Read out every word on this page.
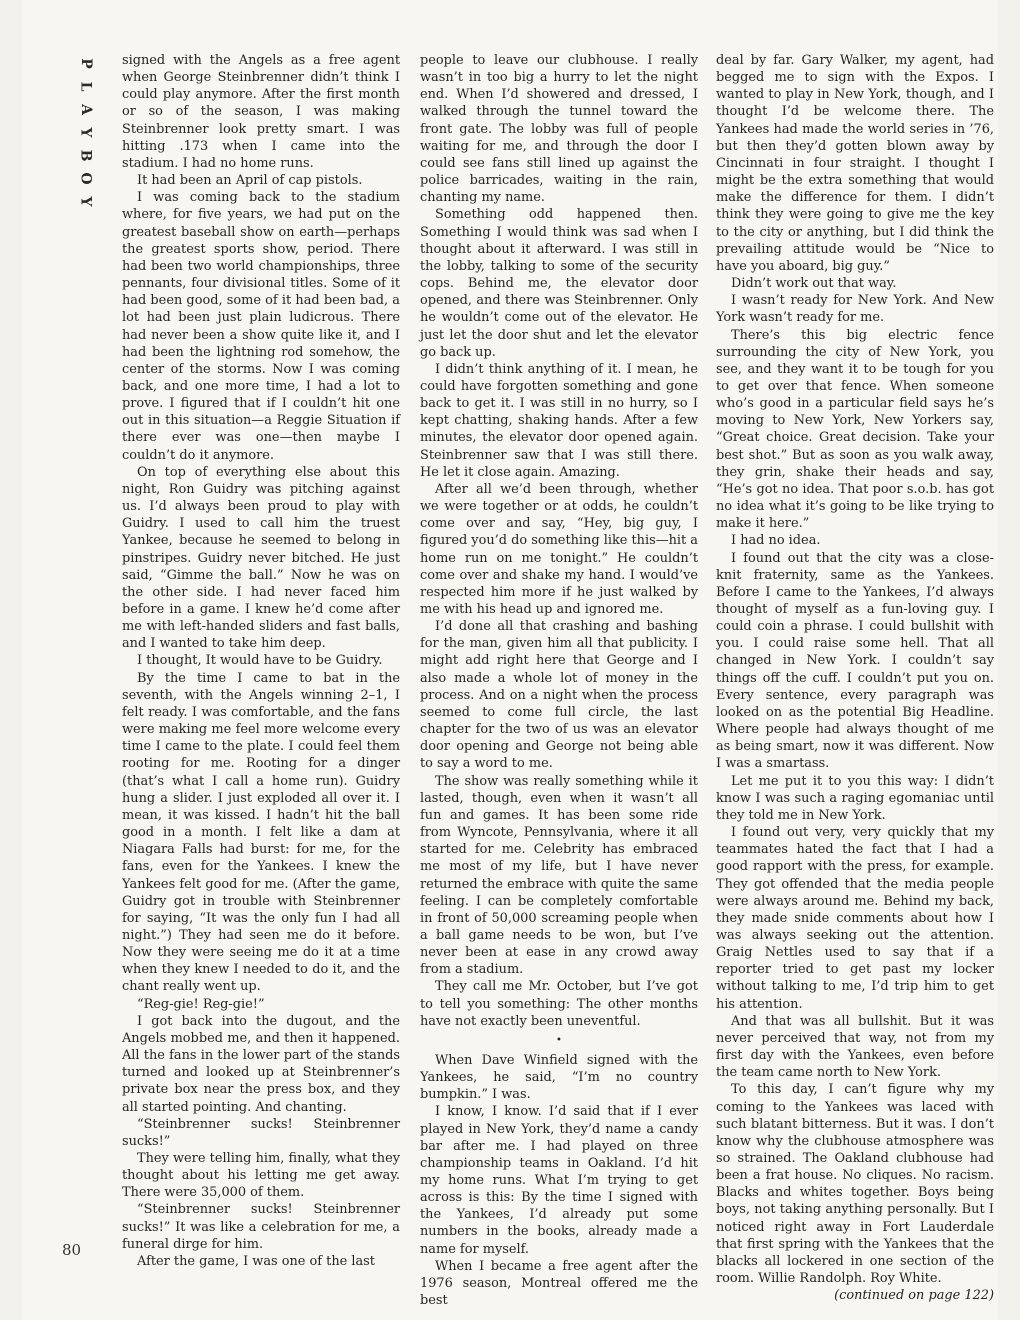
P
L
A
Y
B
O
Y
80

signed with the Angels as a free agent when George Steinbrenner didn’t think I could play anymore. After the first month or so of the season, I was making Steinbrenner look pretty smart. I was hitting .173 when I came into the stadium. I had no home runs.

It had been an April of cap pistols.

I was coming back to the stadium where, for five years, we had put on the greatest baseball show on earth—perhaps the greatest sports show, period. There had been two world championships, three pennants, four divisional titles. Some of it had been good, some of it had been bad, a lot had been just plain ludicrous. There had never been a show quite like it, and I had been the lightning rod somehow, the center of the storms. Now I was coming back, and one more time, I had a lot to prove. I figured that if I couldn’t hit one out in this situation—a Reggie Situation if there ever was one—then maybe I couldn’t do it anymore.

On top of everything else about this night, Ron Guidry was pitching against us. I’d always been proud to play with Guidry. I used to call him the truest Yankee, because he seemed to belong in pinstripes. Guidry never bitched. He just said, “Gimme the ball.” Now he was on the other side. I had never faced him before in a game. I knew he’d come after me with left-handed sliders and fast balls, and I wanted to take him deep.

I thought, It would have to be Guidry.

By the time I came to bat in the seventh, with the Angels winning 2–1, I felt ready. I was comfortable, and the fans were making me feel more welcome every time I came to the plate. I could feel them rooting for me. Rooting for a dinger (that’s what I call a home run). Guidry hung a slider. I just exploded all over it. I mean, it was kissed. I hadn’t hit the ball good in a month. I felt like a dam at Niagara Falls had burst: for me, for the fans, even for the Yankees. I knew the Yankees felt good for me. (After the game, Guidry got in trouble with Steinbrenner for saying, “It was the only fun I had all night.”) They had seen me do it before. Now they were seeing me do it at a time when they knew I needed to do it, and the chant really went up.

“Reg-gie! Reg-gie!”

I got back into the dugout, and the Angels mobbed me, and then it happened. All the fans in the lower part of the stands turned and looked up at Steinbrenner’s private box near the press box, and they all started pointing. And chanting.

“Steinbrenner sucks! Steinbrenner sucks!”

They were telling him, finally, what they thought about his letting me get away. There were 35,000 of them.

“Steinbrenner sucks! Steinbrenner sucks!” It was like a celebration for me, a funeral dirge for him.

After the game, I was one of the last

people to leave our clubhouse. I really wasn’t in too big a hurry to let the night end. When I’d showered and dressed, I walked through the tunnel toward the front gate. The lobby was full of people waiting for me, and through the door I could see fans still lined up against the police barricades, waiting in the rain, chanting my name.

Something odd happened then. Something I would think was sad when I thought about it afterward. I was still in the lobby, talking to some of the security cops. Behind me, the elevator door opened, and there was Steinbrenner. Only he wouldn’t come out of the elevator. He just let the door shut and let the elevator go back up.

I didn’t think anything of it. I mean, he could have forgotten something and gone back to get it. I was still in no hurry, so I kept chatting, shaking hands. After a few minutes, the elevator door opened again. Steinbrenner saw that I was still there. He let it close again. Amazing.

After all we’d been through, whether we were together or at odds, he couldn’t come over and say, “Hey, big guy, I figured you’d do something like this—hit a home run on me tonight.” He couldn’t come over and shake my hand. I would’ve respected him more if he just walked by me with his head up and ignored me.

I’d done all that crashing and bashing for the man, given him all that publicity. I might add right here that George and I also made a whole lot of money in the process. And on a night when the process seemed to come full circle, the last chapter for the two of us was an elevator door opening and George not being able to say a word to me.

The show was really something while it lasted, though, even when it wasn’t all fun and games. It has been some ride from Wyncote, Pennsylvania, where it all started for me. Celebrity has embraced me most of my life, but I have never returned the embrace with quite the same feeling. I can be completely comfortable in front of 50,000 screaming people when a ball game needs to be won, but I’ve never been at ease in any crowd away from a stadium.

They call me Mr. October, but I’ve got to tell you something: The other months have not exactly been uneventful.

•

When Dave Winfield signed with the Yankees, he said, “I’m no country bumpkin.” I was.

I know, I know. I’d said that if I ever played in New York, they’d name a candy bar after me. I had played on three championship teams in Oakland. I’d hit my home runs. What I’m trying to get across is this: By the time I signed with the Yankees, I’d already put some numbers in the books, already made a name for myself.

When I became a free agent after the 1976 season, Montreal offered me the best

deal by far. Gary Walker, my agent, had begged me to sign with the Expos. I wanted to play in New York, though, and I thought I’d be welcome there. The Yankees had made the world series in ’76, but then they’d gotten blown away by Cincinnati in four straight. I thought I might be the extra something that would make the difference for them. I didn’t think they were going to give me the key to the city or anything, but I did think the prevailing attitude would be “Nice to have you aboard, big guy.”

Didn’t work out that way.

I wasn’t ready for New York. And New York wasn’t ready for me.

There’s this big electric fence surrounding the city of New York, you see, and they want it to be tough for you to get over that fence. When someone who’s good in a particular field says he’s moving to New York, New Yorkers say, “Great choice. Great decision. Take your best shot.” But as soon as you walk away, they grin, shake their heads and say, “He’s got no idea. That poor s.o.b. has got no idea what it’s going to be like trying to make it here.”

I had no idea.

I found out that the city was a close-knit fraternity, same as the Yankees. Before I came to the Yankees, I’d always thought of myself as a fun-loving guy. I could coin a phrase. I could bullshit with you. I could raise some hell. That all changed in New York. I couldn’t say things off the cuff. I couldn’t put you on. Every sentence, every paragraph was looked on as the potential Big Headline. Where people had always thought of me as being smart, now it was different. Now I was a smartass.

Let me put it to you this way: I didn’t know I was such a raging egomaniac until they told me in New York.

I found out very, very quickly that my teammates hated the fact that I had a good rapport with the press, for example. They got offended that the media people were always around me. Behind my back, they made snide comments about how I was always seeking out the attention. Graig Nettles used to say that if a reporter tried to get past my locker without talking to me, I’d trip him to get his attention.

And that was all bullshit. But it was never perceived that way, not from my first day with the Yankees, even before the team came north to New York.

To this day, I can’t figure why my coming to the Yankees was laced with such blatant bitterness. But it was. I don’t know why the clubhouse atmosphere was so strained. The Oakland clubhouse had been a frat house. No cliques. No racism. Blacks and whites together. Boys being boys, not taking anything personally. But I noticed right away in Fort Lauderdale that first spring with the Yankees that the blacks all lockered in one section of the room. Willie Randolph. Roy White.

(continued on page 122)
